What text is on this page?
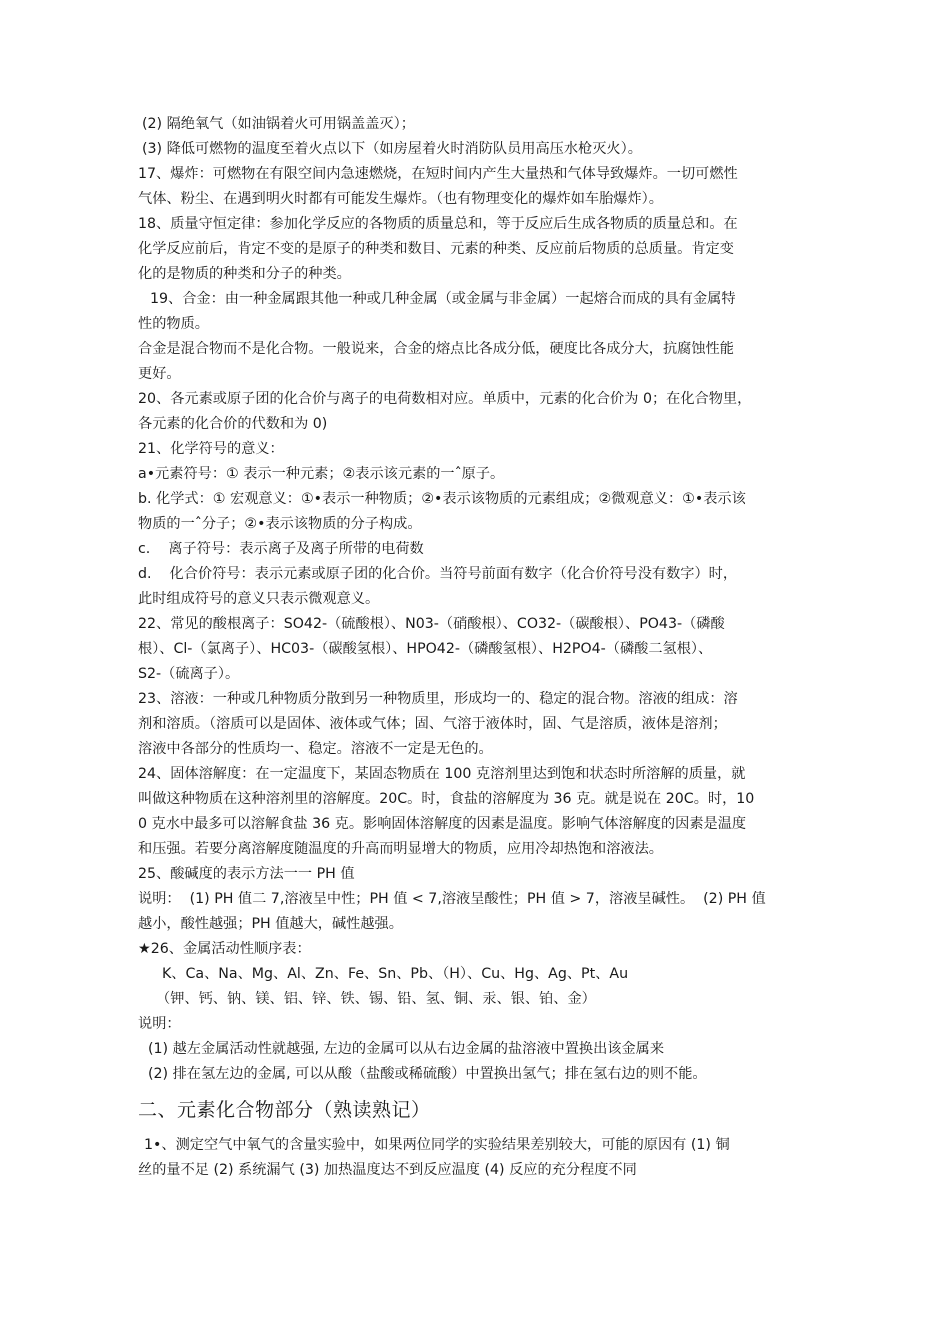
(2) 隔绝氧气（如油锅着火可用锅盖盖灭）；
(3) 降低可燃物的温度至着火点以下（如房屋着火时消防队员用高压水枪灭火）。
17、爆炸：可燃物在有限空间内急速燃烧，在短时间内产生大量热和气体导致爆炸。一切可燃性
气体、粉尘、在遇到明火时都有可能发生爆炸。（也有物理变化的爆炸如车胎爆炸）。
18、质量守恒定律：参加化学反应的各物质的质量总和，等于反应后生成各物质的质量总和。在
化学反应前后，肯定不变的是原子的种类和数目、元素的种类、反应前后物质的总质量。肯定变
化的是物质的种类和分子的种类。
19、合金：由一种金属跟其他一种或几种金属（或金属与非金属）一起熔合而成的具有金属特
性的物质。
合金是混合物而不是化合物。一般说来，合金的熔点比各成分低，硬度比各成分大，抗腐蚀性能
更好。
20、各元素或原子团的化合价与离子的电荷数相对应。单质中，元素的化合价为 0；在化合物里，
各元素的化合价的代数和为 0)
21、化学符号的意义：
a•元素符号：① 表示一种元素；②表示该元素的一ˆ原子。
b. 化学式：① 宏观意义：①•表示一种物质；②•表示该物质的元素组成；②微观意义：①•表示该
物质的一ˆ分子；②•表示该物质的分子构成。
c.    离子符号：表示离子及离子所带的电荷数
d.    化合价符号：表示元素或原子团的化合价。当符号前面有数字（化合价符号没有数字）时，
此时组成符号的意义只表示微观意义。
22、常见的酸根离子：SO42-（硫酸根）、N03-（硝酸根）、CO32-（碳酸根）、PO43-（磷酸
根）、Cl-（氯离子）、HC03-（碳酸氢根）、HPO42-（磷酸氢根）、H2PO4-（磷酸二氢根）、
S2-（硫离子）。
23、溶液：一种或几种物质分散到另一种物质里，形成均一的、稳定的混合物。溶液的组成：溶
剂和溶质。（溶质可以是固体、液体或气体；固、气溶于液体时，固、气是溶质，液体是溶剂；
溶液中各部分的性质均一、稳定。溶液不一定是无色的。
24、固体溶解度：在一定温度下，某固态物质在 100 克溶剂里达到饱和状态时所溶解的质量，就
叫做这种物质在这种溶剂里的溶解度。20C。时，食盐的溶解度为 36 克。就是说在 20C。时，10
0 克水中最多可以溶解食盐 36 克。影响固体溶解度的因素是温度。影响气体溶解度的因素是温度
和压强。若要分离溶解度随温度的升高而明显增大的物质，应用冷却热饱和溶液法。
25、酸碱度的表示方法一一 PH 值
说明：  (1) PH 值二 7,溶液呈中性；PH 值 < 7,溶液呈酸性；PH 值 > 7，溶液呈碱性。  (2) PH 值
越小，酸性越强；PH 值越大，碱性越强。
★26、金属活动性顺序表：
K、Ca、Na、Mg、Al、Zn、Fe、Sn、Pb、（H）、Cu、Hg、Ag、Pt、Au
（钾、钙、钠、镁、铝、锌、铁、锡、铅、氢、铜、汞、银、铂、金）
说明：
(1) 越左金属活动性就越强, 左边的金属可以从右边金属的盐溶液中置换出该金属来
(2) 排在氢左边的金属, 可以从酸（盐酸或稀硫酸）中置换出氢气；排在氢右边的则不能。
二、元素化合物部分（熟读熟记）
1•、测定空气中氧气的含量实验中，如果两位同学的实验结果差别较大，可能的原因有 (1) 铜
丝的量不足 (2) 系统漏气 (3) 加热温度达不到反应温度 (4) 反应的充分程度不同
